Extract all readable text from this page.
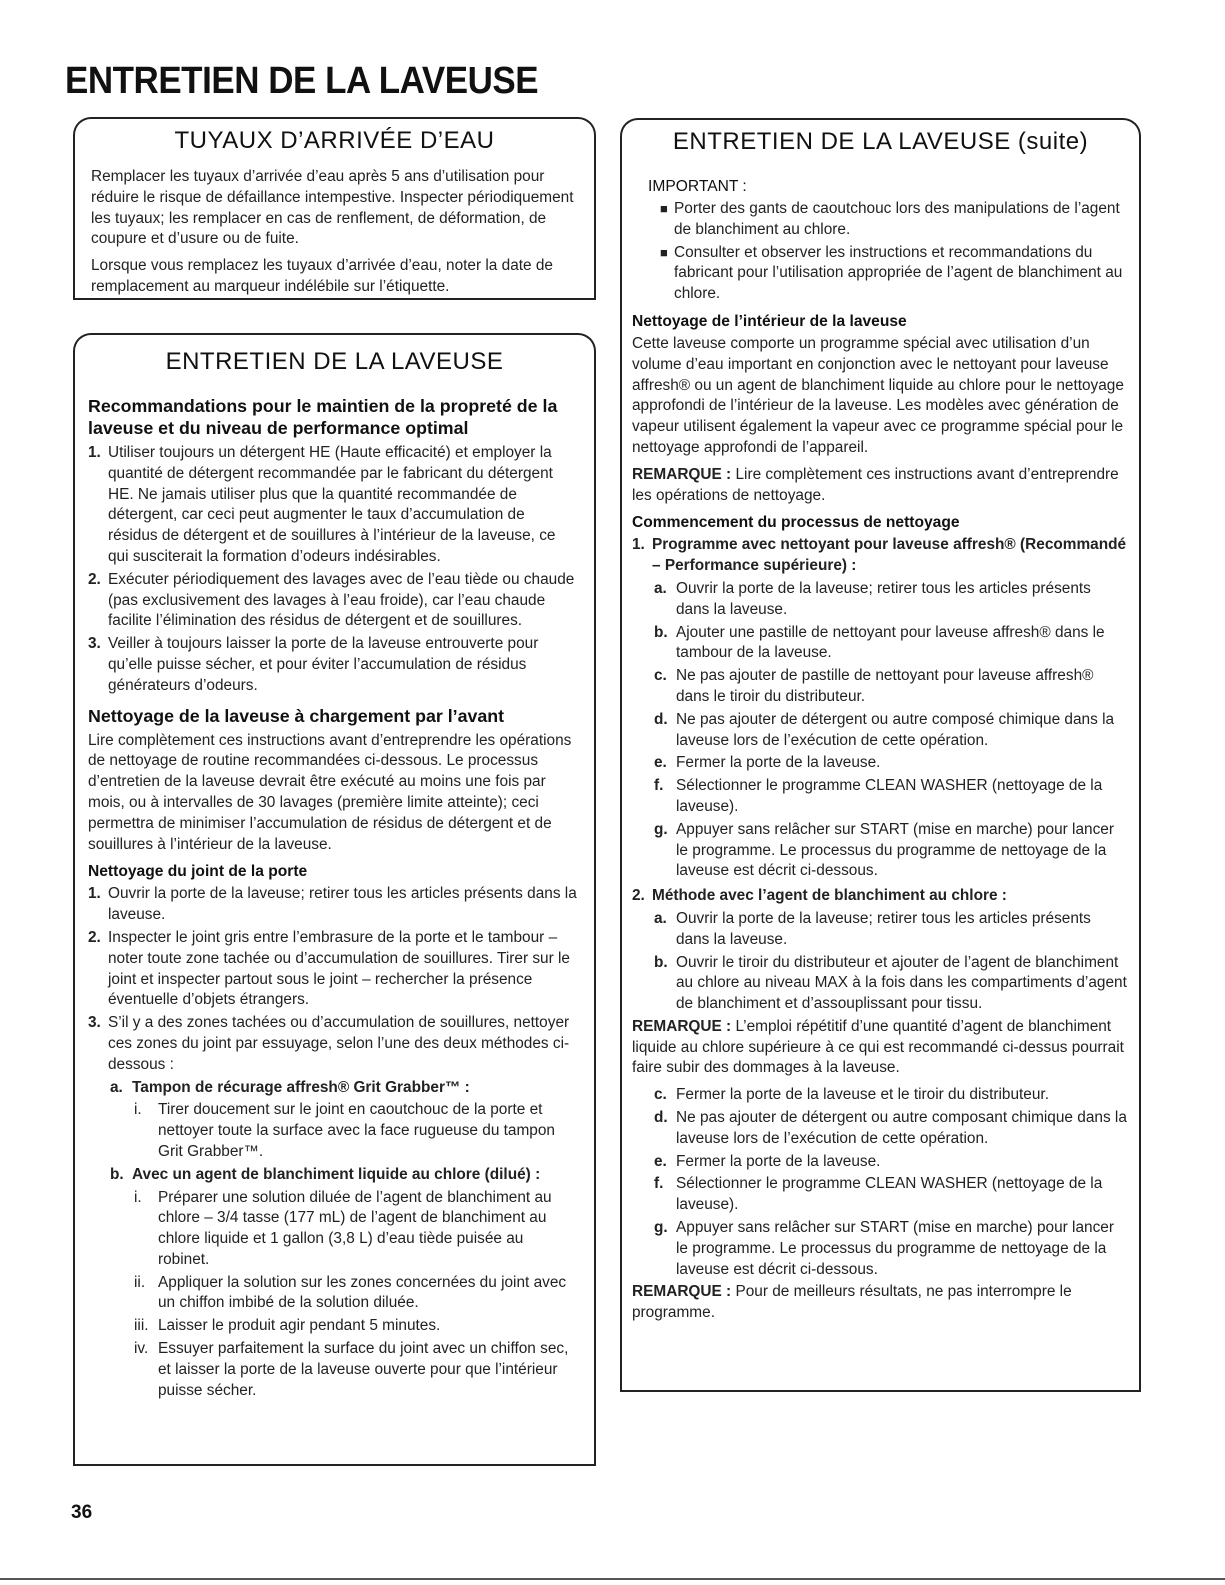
ENTRETIEN DE LA LAVEUSE
TUYAUX D’ARRIVÉE D’EAU

Remplacer les tuyaux d’arrivée d’eau après 5 ans d’utilisation pour réduire le risque de défaillance intempestive. Inspecter périodiquement les tuyaux; les remplacer en cas de renflement, de déformation, de coupure et d’usure ou de fuite.

Lorsque vous remplacez les tuyaux d’arrivée d’eau, noter la date de remplacement au marqueur indélébile sur l’étiquette.

ENTRETIEN DE LA LAVEUSE
Recommandations pour le maintien de la propreté de la laveuse et du niveau de performance optimal
1. Utiliser toujours un détergent HE (Haute efficacité) et employer la quantité de détergent recommandée par le fabricant du détergent HE. Ne jamais utiliser plus que la quantité recommandée de détergent, car ceci peut augmenter le taux d’accumulation de résidus de détergent et de souillures à l’intérieur de la laveuse, ce qui susciterait la formation d’odeurs indésirables.
2. Exécuter périodiquement des lavages avec de l’eau tiède ou chaude (pas exclusivement des lavages à l’eau froide), car l’eau chaude facilite l’élimination des résidus de détergent et de souillures.
3. Veiller à toujours laisser la porte de la laveuse entrouverte pour qu’elle puisse sécher, et pour éviter l’accumulation de résidus générateurs d’odeurs.
Nettoyage de la laveuse à chargement par l’avant

Lire complètement ces instructions avant d’entreprendre les opérations de nettoyage de routine recommandées ci-dessous. Le processus d’entretien de la laveuse devrait être exécuté au moins une fois par mois, ou à intervalles de 30 lavages (première limite atteinte); ceci permettra de minimiser l’accumulation de résidus de détergent et de souillures à l’intérieur de la laveuse.

Nettoyage du joint de la porte
1. Ouvrir la porte de la laveuse; retirer tous les articles présents dans la laveuse.
2. Inspecter le joint gris entre l’embrasure de la porte et le tambour – noter toute zone tachée ou d’accumulation de souillures. Tirer sur le joint et inspecter partout sous le joint – rechercher la présence éventuelle d’objets étrangers.
3. S’il y a des zones tachées ou d’accumulation de souillures, nettoyer ces zones du joint par essuyage, selon l’une des deux méthodes ci-dessous :
a. Tampon de récurage affresh® Grit Grabber™ :
i.	Tirer doucement sur le joint en caoutchouc de la porte et nettoyer toute la surface avec la face rugueuse du tampon Grit Grabber™.
b. Avec un agent de blanchiment liquide au chlore (dilué) :
i.	Préparer une solution diluée de l’agent de blanchiment au chlore – 3/4 tasse (177 mL) de l’agent de blanchiment au chlore liquide et 1 gallon (3,8 L) d’eau tiède puisée au robinet.
ii. Appliquer la solution sur les zones concernées du joint avec un chiffon imbibé de la solution diluée.
iii. Laisser le produit agir pendant 5 minutes.
iv. Essuyer parfaitement la surface du joint avec un chiffon sec, et laisser la porte de la laveuse ouverte pour que l’intérieur puisse sécher.
ENTRETIEN DE LA LAVEUSE (suite)
IMPORTANT :
■ Porter des gants de caoutchouc lors des manipulations de l’agent de blanchiment au chlore.
■ Consulter et observer les instructions et recommandations du fabricant pour l’utilisation appropriée de l’agent de blanchiment au chlore.
Nettoyage de l’intérieur de la laveuse

Cette laveuse comporte un programme spécial avec utilisation d’un volume d’eau important en conjonction avec le nettoyant pour laveuse affresh® ou un agent de blanchiment liquide au chlore pour le nettoyage approfondi de l’intérieur de la laveuse. Les modèles avec génération de vapeur utilisent également la vapeur avec ce programme spécial pour le nettoyage approfondi de l’appareil.

REMARQUE : Lire complètement ces instructions avant d’entreprendre les opérations de nettoyage.

Commencement du processus de nettoyage
1. Programme avec nettoyant pour laveuse affresh® (Recommandé – Performance supérieure) :
a. Ouvrir la porte de la laveuse; retirer tous les articles présents dans la laveuse.
b. Ajouter une pastille de nettoyant pour laveuse affresh® dans le tambour de la laveuse.
c. Ne pas ajouter de pastille de nettoyant pour laveuse affresh® dans le tiroir du distributeur.
d. Ne pas ajouter de détergent ou autre composé chimique dans la laveuse lors de l’exécution de cette opération.
e. Fermer la porte de la laveuse.
f. Sélectionner le programme CLEAN WASHER (nettoyage de la laveuse).
g. Appuyer sans relâcher sur START (mise en marche) pour lancer le programme. Le processus du programme de nettoyage de la laveuse est décrit ci-dessous.
2. Méthode avec l’agent de blanchiment au chlore :
a. Ouvrir la porte de la laveuse; retirer tous les articles présents dans la laveuse.
b. Ouvrir le tiroir du distributeur et ajouter de l’agent de blanchiment au chlore au niveau MAX à la fois dans les compartiments d’agent de blanchiment et d’assouplissant pour tissu.

REMARQUE : L’emploi répétitif d’une quantité d’agent de blanchiment liquide au chlore supérieure à ce qui est recommandé ci-dessus pourrait faire subir des dommages à la laveuse.

c. Fermer la porte de la laveuse et le tiroir du distributeur.
d. Ne pas ajouter de détergent ou autre composant chimique dans la laveuse lors de l’exécution de cette opération.
e. Fermer la porte de la laveuse.
f. Sélectionner le programme CLEAN WASHER (nettoyage de la laveuse).
g. Appuyer sans relâcher sur START (mise en marche) pour lancer le programme. Le processus du programme de nettoyage de la laveuse est décrit ci-dessous.

REMARQUE : Pour de meilleurs résultats, ne pas interrompre le programme.

36
